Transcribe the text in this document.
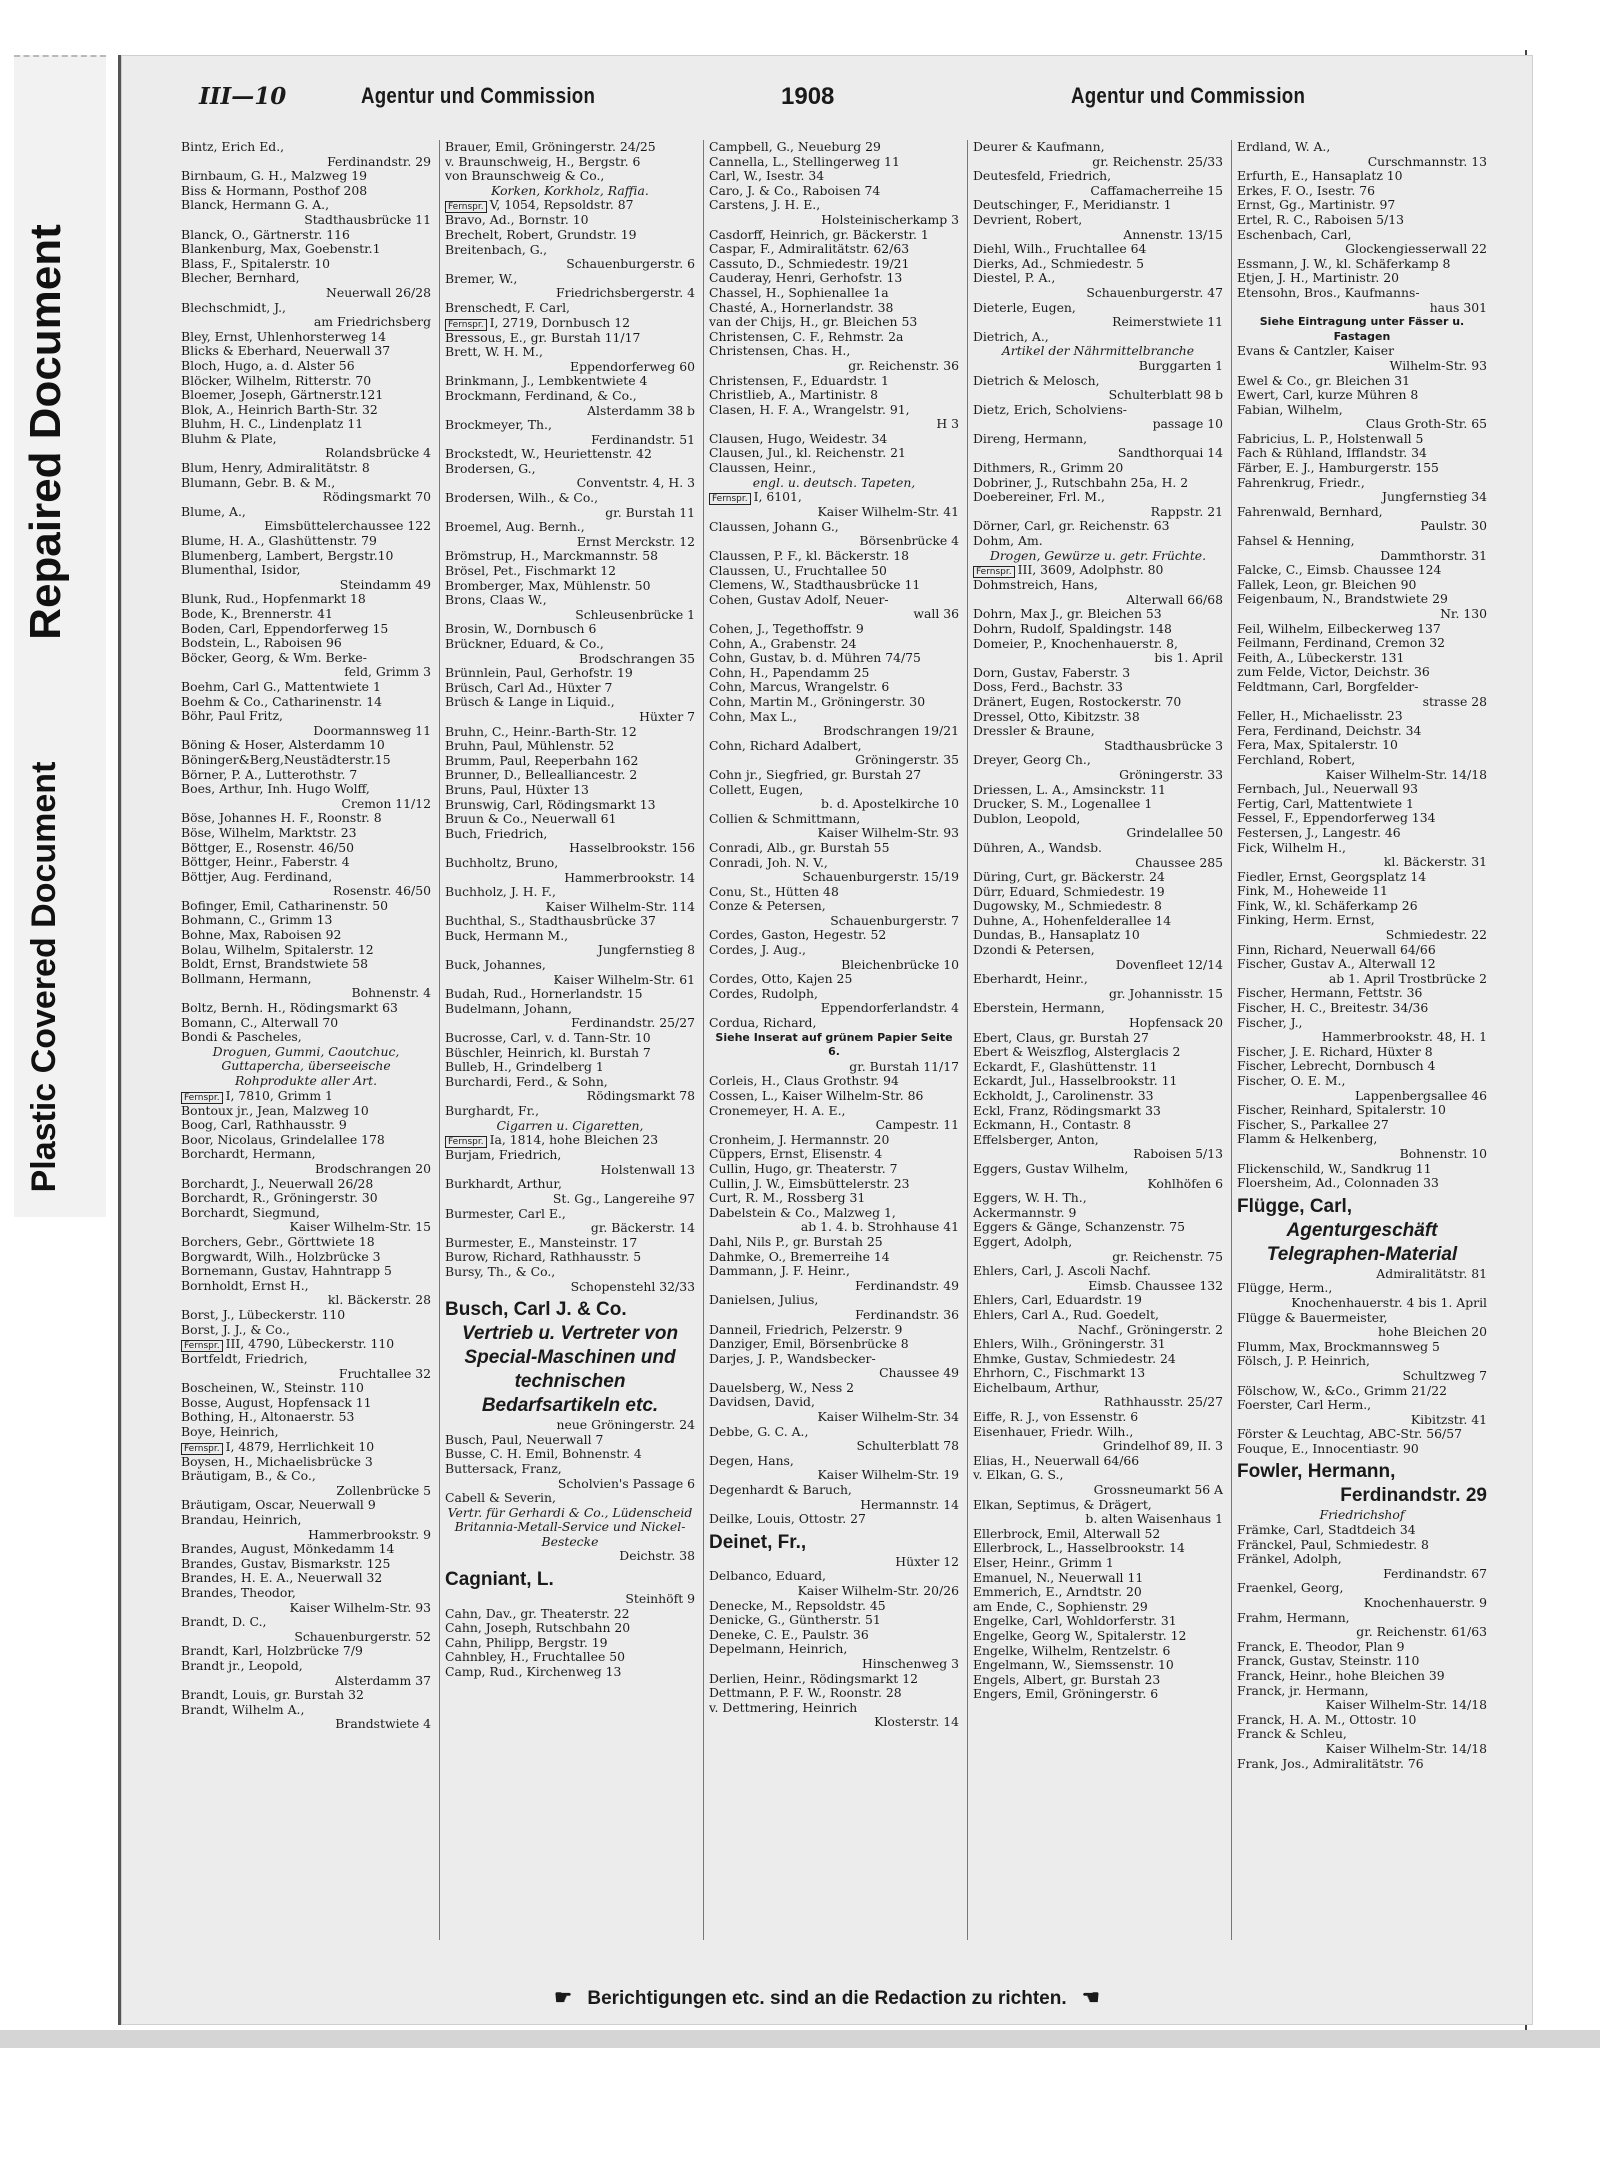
Repaired Document
Plastic Covered Document
III—10	Agentur und Commission	1908	Agentur und Commission

Bintz, Erich Ed.,
Ferdinandstr. 29

Birnbaum, G. H., Malzweg 19

Biss & Hormann, Posthof 208

Blanck, Hermann G. A.,
Stadthausbrücke 11

Blanck, O., Gärtnerstr. 116

Blankenburg, Max, Goebenstr.1

Blass, F., Spitalerstr. 10

Blecher, Bernhard,
Neuerwall 26/28

Blechschmidt, J.,
am Friedrichsberg

Bley, Ernst, Uhlenhorsterweg 14

Blicks & Eberhard, Neuerwall 37

Bloch, Hugo, a. d. Alster 56

Blöcker, Wilhelm, Ritterstr. 70

Bloemer, Joseph, Gärtnerstr.121

Blok, A., Heinrich Barth-Str. 32

Bluhm, H. C., Lindenplatz 11

Bluhm & Plate,
Rolandsbrücke 4

Blum, Henry, Admiralitätstr. 8

Blumann, Gebr. B. & M.,
Rödingsmarkt 70

Blume, A.,
Eimsbüttelerchaussee 122

Blume, H. A., Glashüttenstr. 79

Blumenberg, Lambert, Bergstr.10

Blumenthal, Isidor,
Steindamm 49

Blunk, Rud., Hopfenmarkt 18

Bode, K., Brennerstr. 41

Boden, Carl, Eppendorferweg 15

Bodstein, L., Raboisen 96

Böcker, Georg, & Wm. Berke-
feld, Grimm 3

Boehm, Carl G., Mattentwiete 1

Boehm & Co., Catharinenstr. 14

Böhr, Paul Fritz,
Doormannsweg 11

Böning & Hoser, Alsterdamm 10

Böninger&Berg,Neustädterstr.15

Börner, P. A., Lutterothstr. 7

Boes, Arthur, Inh. Hugo Wolff,
Cremon 11/12

Böse, Johannes H. F., Roonstr. 8

Böse, Wilhelm, Marktstr. 23

Böttger, E., Rosenstr. 46/50

Böttger, Heinr., Faberstr. 4

Böttjer, Aug. Ferdinand,
Rosenstr. 46/50

Bofinger, Emil, Catharinenstr. 50

Bohmann, C., Grimm 13

Bohne, Max, Raboisen 92

Bolau, Wilhelm, Spitalerstr. 12

Boldt, Ernst, Brandstwiete 58

Bollmann, Hermann,
Bohnenstr. 4

Boltz, Bernh. H., Rödingsmarkt 63

Bomann, C., Alterwall 70

Bondi & Pascheles,
Droguen, Gummi, Caoutchuc, Guttapercha, überseeische Rohprodukte aller Art.

Fernspr. I, 7810, Grimm 1

Bontoux jr., Jean, Malzweg 10

Boog, Carl, Rathhausstr. 9

Boor, Nicolaus, Grindelallee 178

Borchardt, Hermann,
Brodschrangen 20

Borchardt, J., Neuerwall 26/28

Borchardt, R., Gröningerstr. 30

Borchardt, Siegmund,
Kaiser Wilhelm-Str. 15

Borchers, Gebr., Görttwiete 18

Borgwardt, Wilh., Holzbrücke 3

Bornemann, Gustav, Hahntrapp 5

Bornholdt, Ernst H.,
kl. Bäckerstr. 28

Borst, J., Lübeckerstr. 110

Borst, J. J., & Co.,

Fernspr. III, 4790, Lübeckerstr. 110

Bortfeldt, Friedrich,
Fruchtallee 32

Boscheinen, W., Steinstr. 110

Bosse, August, Hopfensack 11

Bothing, H., Altonaerstr. 53

Boye, Heinrich,

Fernspr. I, 4879, Herrlichkeit 10

Boysen, H., Michaelisbrücke 3

Bräutigam, B., & Co.,
Zollenbrücke 5

Bräutigam, Oscar, Neuerwall 9

Brandau, Heinrich,
Hammerbrookstr. 9

Brandes, August, Mönkedamm 14

Brandes, Gustav, Bismarkstr. 125

Brandes, H. E. A., Neuerwall 32

Brandes, Theodor,
Kaiser Wilhelm-Str. 93

Brandt, D. C.,
Schauenburgerstr. 52

Brandt, Karl, Holzbrücke 7/9

Brandt jr., Leopold,
Alsterdamm 37

Brandt, Louis, gr. Burstah 32

Brandt, Wilhelm A.,
Brandstwiete 4

Brauer, Emil, Gröningerstr. 24/25

v. Braunschweig, H., Bergstr. 6

von Braunschweig & Co.,
Korken, Korkholz, Raffia.

Fernspr. V, 1054, Repsoldstr. 87

Bravo, Ad., Bornstr. 10

Brechelt, Robert, Grundstr. 19

Breitenbach, G.,
Schauenburgerstr. 6

Bremer, W.,
Friedrichsbergerstr. 4

Brenschedt, F. Carl,

Fernspr. I, 2719, Dornbusch 12

Bressous, E., gr. Burstah 11/17

Brett, W. H. M.,
Eppendorferweg 60

Brinkmann, J., Lembkentwiete 4

Brockmann, Ferdinand, & Co.,
Alsterdamm 38 b

Brockmeyer, Th.,
Ferdinandstr. 51

Brockstedt, W., Heuriettenstr. 42

Brodersen, G.,
Conventstr. 4, H. 3

Brodersen, Wilh., & Co.,
gr. Burstah 11

Broemel, Aug. Bernh.,
Ernst Merckstr. 12

Brömstrup, H., Marckmannstr. 58

Brösel, Pet., Fischmarkt 12

Bromberger, Max, Mühlenstr. 50

Brons, Claas W.,
Schleusenbrücke 1

Brosin, W., Dornbusch 6

Brückner, Eduard, & Co.,
Brodschrangen 35

Brünnlein, Paul, Gerhofstr. 19

Brüsch, Carl Ad., Hüxter 7

Brüsch & Lange in Liquid.,
Hüxter 7

Bruhn, C., Heinr.-Barth-Str. 12

Bruhn, Paul, Mühlenstr. 52

Brumm, Paul, Reeperbahn 162

Brunner, D., Bellealliancestr. 2

Bruns, Paul, Hüxter 13

Brunswig, Carl, Rödingsmarkt 13

Bruun & Co., Neuerwall 61

Buch, Friedrich,
Hasselbrookstr. 156

Buchholtz, Bruno,
Hammerbrookstr. 14

Buchholz, J. H. F.,
Kaiser Wilhelm-Str. 114

Buchthal, S., Stadthausbrücke 37

Buck, Hermann M.,
Jungfernstieg 8

Buck, Johannes,
Kaiser Wilhelm-Str. 61

Budah, Rud., Hornerlandstr. 15

Budelmann, Johann,
Ferdinandstr. 25/27

Bucrosse, Carl, v. d. Tann-Str. 10

Büschler, Heinrich, kl. Burstah 7

Bulleb, H., Grindelberg 1

Burchardi, Ferd., & Sohn,
Rödingsmarkt 78

Burghardt, Fr.,
Cigarren u. Cigaretten,

Fernspr. Ia, 1814, hohe Bleichen 23

Burjam, Friedrich,
Holstenwall 13

Burkhardt, Arthur,
St. Gg., Langereihe 97

Burmester, Carl E.,
gr. Bäckerstr. 14

Burmester, E., Mansteinstr. 17

Burow, Richard, Rathhausstr. 5

Bursy, Th., & Co.,
Schopenstehl 32/33

Busch, Carl J. & Co.
Vertrieb u. Vertreter von Special-Maschinen und technischen Bedarfsartikeln etc.

neue Gröningerstr. 24

Busch, Paul, Neuerwall 7

Busse, C. H. Emil, Bohnenstr. 4

Buttersack, Franz,
Scholvien's Passage 6

Cabell & Severin,
Vertr. für Gerhardi & Co., Lüdenscheid Britannia-Metall-Service und Nickel-Bestecke

Deichstr. 38

Cagniant, L.

Steinhöft 9

Cahn, Dav., gr. Theaterstr. 22

Cahn, Joseph, Rutschbahn 20

Cahn, Philipp, Bergstr. 19

Cahnbley, H., Fruchtallee 50

Camp, Rud., Kirchenweg 13

Campbell, G., Neueburg 29

Cannella, L., Stellingerweg 11

Carl, W., Isestr. 34

Caro, J. & Co., Raboisen 74

Carstens, J. H. E.,
Holsteinischerkamp 3

Casdorff, Heinrich, gr. Bäckerstr. 1

Caspar, F., Admiralitätstr. 62/63

Cassuto, D., Schmiedestr. 19/21

Cauderay, Henri, Gerhofstr. 13

Chassel, H., Sophienallee 1a

Chasté, A., Hornerlandstr. 38

van der Chijs, H., gr. Bleichen 53

Christensen, C. F., Rehmstr. 2a

Christensen, Chas. H.,
gr. Reichenstr. 36

Christensen, F., Eduardstr. 1

Christlieb, A., Martinistr. 8

Clasen, H. F. A., Wrangelstr. 91,
H 3

Clausen, Hugo, Weidestr. 34

Clausen, Jul., kl. Reichenstr. 21

Claussen, Heinr.,
engl. u. deutsch. Tapeten,

Fernspr. I, 6101,
Kaiser Wilhelm-Str. 41

Claussen, Johann G.,
Börsenbrücke 4

Claussen, P. F., kl. Bäckerstr. 18

Claussen, U., Fruchtallee 50

Clemens, W., Stadthausbrücke 11

Cohen, Gustav Adolf, Neuer-
wall 36

Cohen, J., Tegethoffstr. 9

Cohn, A., Grabenstr. 24

Cohn, Gustav, b. d. Mühren 74/75

Cohn, H., Papendamm 25

Cohn, Marcus, Wrangelstr. 6

Cohn, Martin M., Gröningerstr. 30

Cohn, Max L.,
Brodschrangen 19/21

Cohn, Richard Adalbert,
Gröningerstr. 35

Cohn jr., Siegfried, gr. Burstah 27

Collett, Eugen,
b. d. Apostelkirche 10

Collien & Schmittmann,
Kaiser Wilhelm-Str. 93

Conradi, Alb., gr. Burstah 55

Conradi, Joh. N. V.,
Schauenburgerstr. 15/19

Conu, St., Hütten 48

Conze & Petersen,
Schauenburgerstr. 7

Cordes, Gaston, Hegestr. 52

Cordes, J. Aug.,
Bleichenbrücke 10

Cordes, Otto, Kajen 25

Cordes, Rudolph,
Eppendorferlandstr. 4

Cordua, Richard,

Siehe Inserat auf grünem Papier Seite 6.

gr. Burstah 11/17

Corleis, H., Claus Grothstr. 94

Cossen, L., Kaiser Wilhelm-Str. 86

Cronemeyer, H. A. E.,
Campestr. 11

Cronheim, J. Hermannstr. 20

Cüppers, Ernst, Elisenstr. 4

Cullin, Hugo, gr. Theaterstr. 7

Cullin, J. W., Eimsbüttelerstr. 23

Curt, R. M., Rossberg 31

Dabelstein & Co., Malzweg 1,
ab 1. 4. b. Strohhause 41

Dahl, Nils P., gr. Burstah 25

Dahmke, O., Bremerreihe 14

Dammann, J. F. Heinr.,
Ferdinandstr. 49

Danielsen, Julius,
Ferdinandstr. 36

Danneil, Friedrich, Pelzerstr. 9

Danziger, Emil, Börsenbrücke 8

Darjes, J. P., Wandsbecker-
Chaussee 49

Dauelsberg, W., Ness 2

Davidsen, David,
Kaiser Wilhelm-Str. 34

Debbe, G. C. A.,
Schulterblatt 78

Degen, Hans,
Kaiser Wilhelm-Str. 19

Degenhardt & Baruch,
Hermannstr. 14

Deilke, Louis, Ottostr. 27

Deinet, Fr.,

Hüxter 12

Delbanco, Eduard,
Kaiser Wilhelm-Str. 20/26

Denecke, M., Repsoldstr. 45

Denicke, G., Güntherstr. 51

Deneke, C. E., Paulstr. 36

Depelmann, Heinrich,
Hinschenweg 3

Derlien, Heinr., Rödingsmarkt 12

Dettmann, P. F. W., Roonstr. 28

v. Dettmering, Heinrich
Klosterstr. 14

Deurer & Kaufmann,
gr. Reichenstr. 25/33

Deutesfeld, Friedrich,
Caffamacherreihe 15

Deutschinger, F., Meridianstr. 1

Devrient, Robert,
Annenstr. 13/15

Diehl, Wilh., Fruchtallee 64

Dierks, Ad., Schmiedestr. 5

Diestel, P. A.,
Schauenburgerstr. 47

Dieterle, Eugen,
Reimerstwiete 11

Dietrich, A.,
Artikel der Nährmittelbranche

Burggarten 1

Dietrich & Melosch,
Schulterblatt 98 b

Dietz, Erich, Scholviens-
passage 10

Direng, Hermann,
Sandthorquai 14

Dithmers, R., Grimm 20

Dobriner, J., Rutschbahn 25a, H. 2

Doebereiner, Frl. M.,
Rappstr. 21

Dörner, Carl, gr. Reichenstr. 63

Dohm, Am.
Drogen, Gewürze u. getr. Früchte.

Fernspr. III, 3609, Adolphstr. 80

Dohmstreich, Hans,
Alterwall 66/68

Dohrn, Max J., gr. Bleichen 53

Dohrn, Rudolf, Spaldingstr. 148

Domeier, P., Knochenhauerstr. 8,
bis 1. April

Dorn, Gustav, Faberstr. 3

Doss, Ferd., Bachstr. 33

Dränert, Eugen, Rostockerstr. 70

Dressel, Otto, Kibitzstr. 38

Dressler & Braune,
Stadthausbrücke 3

Dreyer, Georg Ch.,
Gröningerstr. 33

Driessen, L. A., Amsinckstr. 11

Drucker, S. M., Logenallee 1

Dublon, Leopold,
Grindelallee 50

Dühren, A., Wandsb.
Chaussee 285

Düring, Curt, gr. Bäckerstr. 24

Dürr, Eduard, Schmiedestr. 19

Dugowsky, M., Schmiedestr. 8

Duhne, A., Hohenfelderallee 14

Dundas, B., Hansaplatz 10

Dzondi & Petersen,
Dovenfleet 12/14

Eberhardt, Heinr.,
gr. Johannisstr. 15

Eberstein, Hermann,
Hopfensack 20

Ebert, Claus, gr. Burstah 27

Ebert & Weiszflog, Alsterglacis 2

Eckardt, F., Glashüttenstr. 11

Eckardt, Jul., Hasselbrookstr. 11

Eckholdt, J., Carolinenstr. 33

Eckl, Franz, Rödingsmarkt 33

Eckmann, H., Contastr. 8

Effelsberger, Anton,
Raboisen 5/13

Eggers, Gustav Wilhelm,
Kohlhöfen 6

Eggers, W. H. Th.,

Ackermannstr. 9

Eggers & Gänge, Schanzenstr. 75

Eggert, Adolph,
gr. Reichenstr. 75

Ehlers, Carl, J. Ascoli Nachf.
Eimsb. Chaussee 132

Ehlers, Carl, Eduardstr. 19

Ehlers, Carl A., Rud. Goedelt,
Nachf., Gröningerstr. 2

Ehlers, Wilh., Gröningerstr. 31

Ehmke, Gustav, Schmiedestr. 24

Ehrhorn, C., Fischmarkt 13

Eichelbaum, Arthur,
Rathhausstr. 25/27

Eiffe, R. J., von Essenstr. 6

Eisenhauer, Friedr. Wilh.,
Grindelhof 89, II. 3

Elias, H., Neuerwall 64/66

v. Elkan, G. S.,
Grossneumarkt 56 A

Elkan, Septimus, & Drägert,
b. alten Waisenhaus 1

Ellerbrock, Emil, Alterwall 52

Ellerbrock, L., Hasselbrookstr. 14

Elser, Heinr., Grimm 1

Emanuel, N., Neuerwall 11

Emmerich, E., Arndtstr. 20

am Ende, C., Sophienstr. 29

Engelke, Carl, Wohldorferstr. 31

Engelke, Georg W., Spitalerstr. 12

Engelke, Wilhelm, Rentzelstr. 6

Engelmann, W., Siemssenstr. 10

Engels, Albert, gr. Burstah 23

Engers, Emil, Gröningerstr. 6

Erdland, W. A.,
Curschmannstr. 13

Erfurth, E., Hansaplatz 10

Erkes, F. O., Isestr. 76

Ernst, Gg., Martinistr. 97

Ertel, R. C., Raboisen 5/13

Eschenbach, Carl,
Glockengiesserwall 22

Essmann, J. W., kl. Schäferkamp 8

Etjen, J. H., Martinistr. 20

Etensohn, Bros., Kaufmanns-
haus 301

Siehe Eintragung unter Fässer u. Fastagen

Evans & Cantzler, Kaiser
Wilhelm-Str. 93

Ewel & Co., gr. Bleichen 31

Ewert, Carl, kurze Mühren 8

Fabian, Wilhelm,
Claus Groth-Str. 65

Fabricius, L. P., Holstenwall 5

Fach & Rühland, Ifflandstr. 34

Färber, E. J., Hamburgerstr. 155

Fahrenkrug, Friedr.,
Jungfernstieg 34

Fahrenwald, Bernhard,
Paulstr. 30

Fahsel & Henning,
Dammthorstr. 31

Falcke, C., Eimsb. Chaussee 124

Fallek, Leon, gr. Bleichen 90

Feigenbaum, N., Brandstwiete 29
Nr. 130

Feil, Wilhelm, Eilbeckerweg 137

Feilmann, Ferdinand, Cremon 32

Feith, A., Lübeckerstr. 131

zum Felde, Victor, Deichstr. 36

Feldtmann, Carl, Borgfelder-
strasse 28

Feller, H., Michaelisstr. 23

Fera, Ferdinand, Deichstr. 34

Fera, Max, Spitalerstr. 10

Ferchland, Robert,
Kaiser Wilhelm-Str. 14/18

Fernbach, Jul., Neuerwall 93

Fertig, Carl, Mattentwiete 1

Fessel, F., Eppendorferweg 134

Festersen, J., Langestr. 46

Fick, Wilhelm H.,
kl. Bäckerstr. 31

Fiedler, Ernst, Georgsplatz 14

Fink, M., Hoheweide 11

Fink, W., kl. Schäferkamp 26

Finking, Herm. Ernst,
Schmiedestr. 22

Finn, Richard, Neuerwall 64/66

Fischer, Gustav A., Alterwall 12
ab 1. April Trostbrücke 2

Fischer, Hermann, Fettstr. 36

Fischer, H. C., Breitestr. 34/36

Fischer, J.,
Hammerbrookstr. 48, H. 1

Fischer, J. E. Richard, Hüxter 8

Fischer, Lebrecht, Dornbusch 4

Fischer, O. E. M.,
Lappenbergsallee 46

Fischer, Reinhard, Spitalerstr. 10

Fischer, S., Parkallee 27

Flamm & Helkenberg,
Bohnenstr. 10

Flickenschild, W., Sandkrug 11

Floersheim, Ad., Colonnaden 33

Flügge, Carl,
Agenturgeschäft Telegraphen-Material

Admiralitätstr. 81

Flügge, Herm.,
Knochenhauerstr. 4 bis 1. April

Flügge & Bauermeister,
hohe Bleichen 20

Flumm, Max, Brockmannsweg 5

Fölsch, J. P. Heinrich,
Schultzweg 7

Fölschow, W., &Co., Grimm 21/22

Foerster, Carl Herm.,
Kibitzstr. 41

Förster & Leuchtag, ABC-Str. 56/57

Fouque, E., Innocentiastr. 90

Fowler, Hermann,
Ferdinandstr. 29

Friedrichshof

Främke, Carl, Stadtdeich 34

Fränckel, Paul, Schmiedestr. 8

Fränkel, Adolph,
Ferdinandstr. 67

Fraenkel, Georg,
Knochenhauerstr. 9

Frahm, Hermann,
gr. Reichenstr. 61/63

Franck, E. Theodor, Plan 9

Franck, Gustav, Steinstr. 110

Franck, Heinr., hohe Bleichen 39

Franck, jr. Hermann,
Kaiser Wilhelm-Str. 14/18

Franck, H. A. M., Ottostr. 10

Franck & Schleu,
Kaiser Wilhelm-Str. 14/18

Frank, Jos., Admiralitätstr. 76

☛ Berichtigungen etc. sind an die Redaction zu richten. ☚
